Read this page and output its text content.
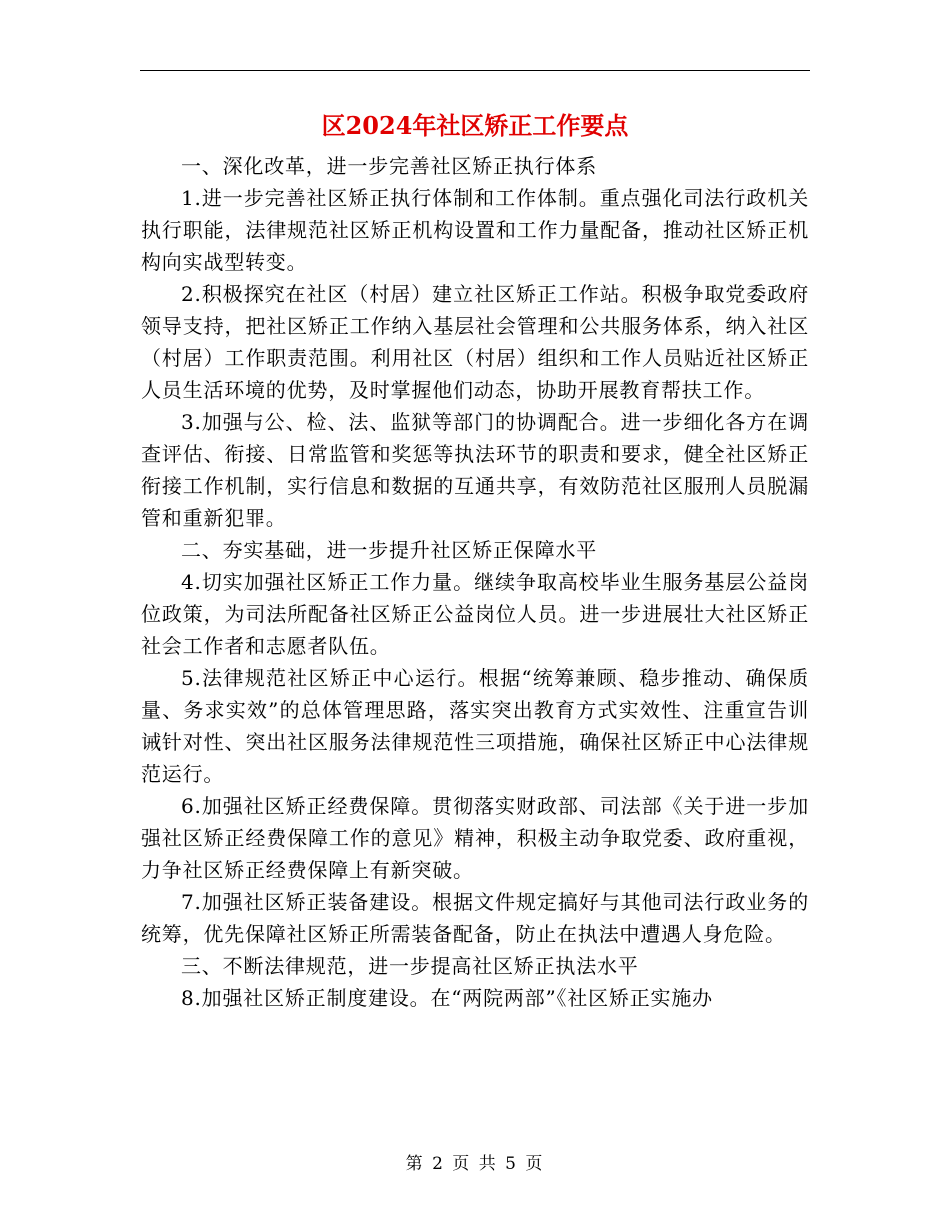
区2024年社区矫正工作要点

一、深化改革，进一步完善社区矫正执行体系

1.进一步完善社区矫正执行体制和工作体制。重点强化司法行政机关执行职能，法律规范社区矫正机构设置和工作力量配备，推动社区矫正机构向实战型转变。

2.积极探究在社区（村居）建立社区矫正工作站。积极争取党委政府领导支持，把社区矫正工作纳入基层社会管理和公共服务体系，纳入社区（村居）工作职责范围。利用社区（村居）组织和工作人员贴近社区矫正人员生活环境的优势，及时掌握他们动态，协助开展教育帮扶工作。

3.加强与公、检、法、监狱等部门的协调配合。进一步细化各方在调查评估、衔接、日常监管和奖惩等执法环节的职责和要求，健全社区矫正衔接工作机制，实行信息和数据的互通共享，有效防范社区服刑人员脱漏管和重新犯罪。

二、夯实基础，进一步提升社区矫正保障水平

4.切实加强社区矫正工作力量。继续争取高校毕业生服务基层公益岗位政策，为司法所配备社区矫正公益岗位人员。进一步进展壮大社区矫正社会工作者和志愿者队伍。

5.法律规范社区矫正中心运行。根据“统筹兼顾、稳步推动、确保质量、务求实效”的总体管理思路，落实突出教育方式实效性、注重宣告训诫针对性、突出社区服务法律规范性三项措施，确保社区矫正中心法律规范运行。

6.加强社区矫正经费保障。贯彻落实财政部、司法部《关于进一步加强社区矫正经费保障工作的意见》精神，积极主动争取党委、政府重视，力争社区矫正经费保障上有新突破。

7.加强社区矫正装备建设。根据文件规定搞好与其他司法行政业务的统筹，优先保障社区矫正所需装备配备，防止在执法中遭遇人身危险。

三、不断法律规范，进一步提高社区矫正执法水平

8.加强社区矫正制度建设。在“两院两部”《社区矫正实施办

第 2 页 共 5 页
